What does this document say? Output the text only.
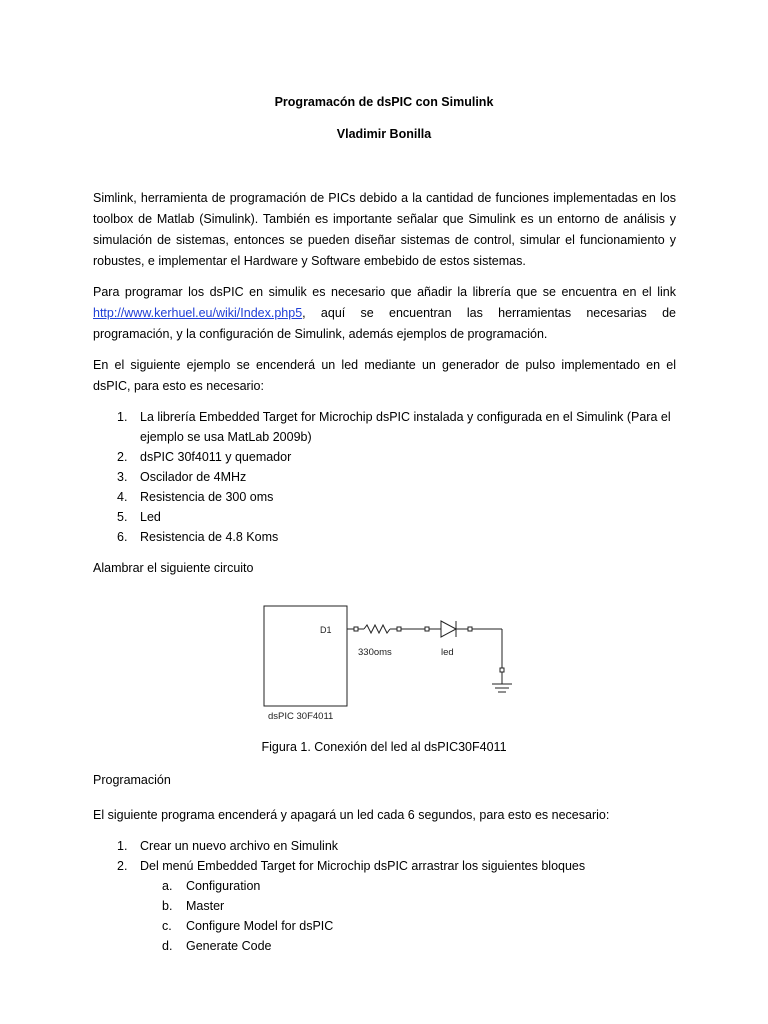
Programacón de dsPIC con Simulink
Vladimir Bonilla
Simlink, herramienta de programación de PICs debido a la cantidad de funciones implementadas en los toolbox de Matlab (Simulink). También es importante señalar que Simulink es un entorno de análisis y simulación de sistemas, entonces se pueden diseñar sistemas de control, simular el funcionamiento y robustes, e implementar el Hardware y Software embebido de estos sistemas.
Para programar los dsPIC en simulik es necesario que añadir la librería que se encuentra en el link http://www.kerhuel.eu/wiki/Index.php5, aquí se encuentran las herramientas necesarias de programación, y la configuración de Simulink, además ejemplos de programación.
En el siguiente ejemplo se encenderá un led mediante un generador de pulso implementado en el dsPIC, para esto es necesario:
1. La librería Embedded Target for Microchip dsPIC instalada y configurada en el Simulink (Para el ejemplo se usa MatLab 2009b)
2. dsPIC 30f4011 y quemador
3. Oscilador de 4MHz
4. Resistencia de 300 oms
5. Led
6. Resistencia de 4.8 Koms
Alambrar el siguiente circuito
D1
dsPIC 30F4011
330oms	led
Figura 1. Conexión del led al dsPIC30F4011
Programación
El siguiente programa encenderá y apagará un led cada 6 segundos, para esto es necesario:
1. Crear un nuevo archivo en Simulink
2. Del menú Embedded Target for Microchip dsPIC arrastrar los siguientes bloques
a. Configuration
b. Master
c. Configure Model for dsPIC
d. Generate Code
